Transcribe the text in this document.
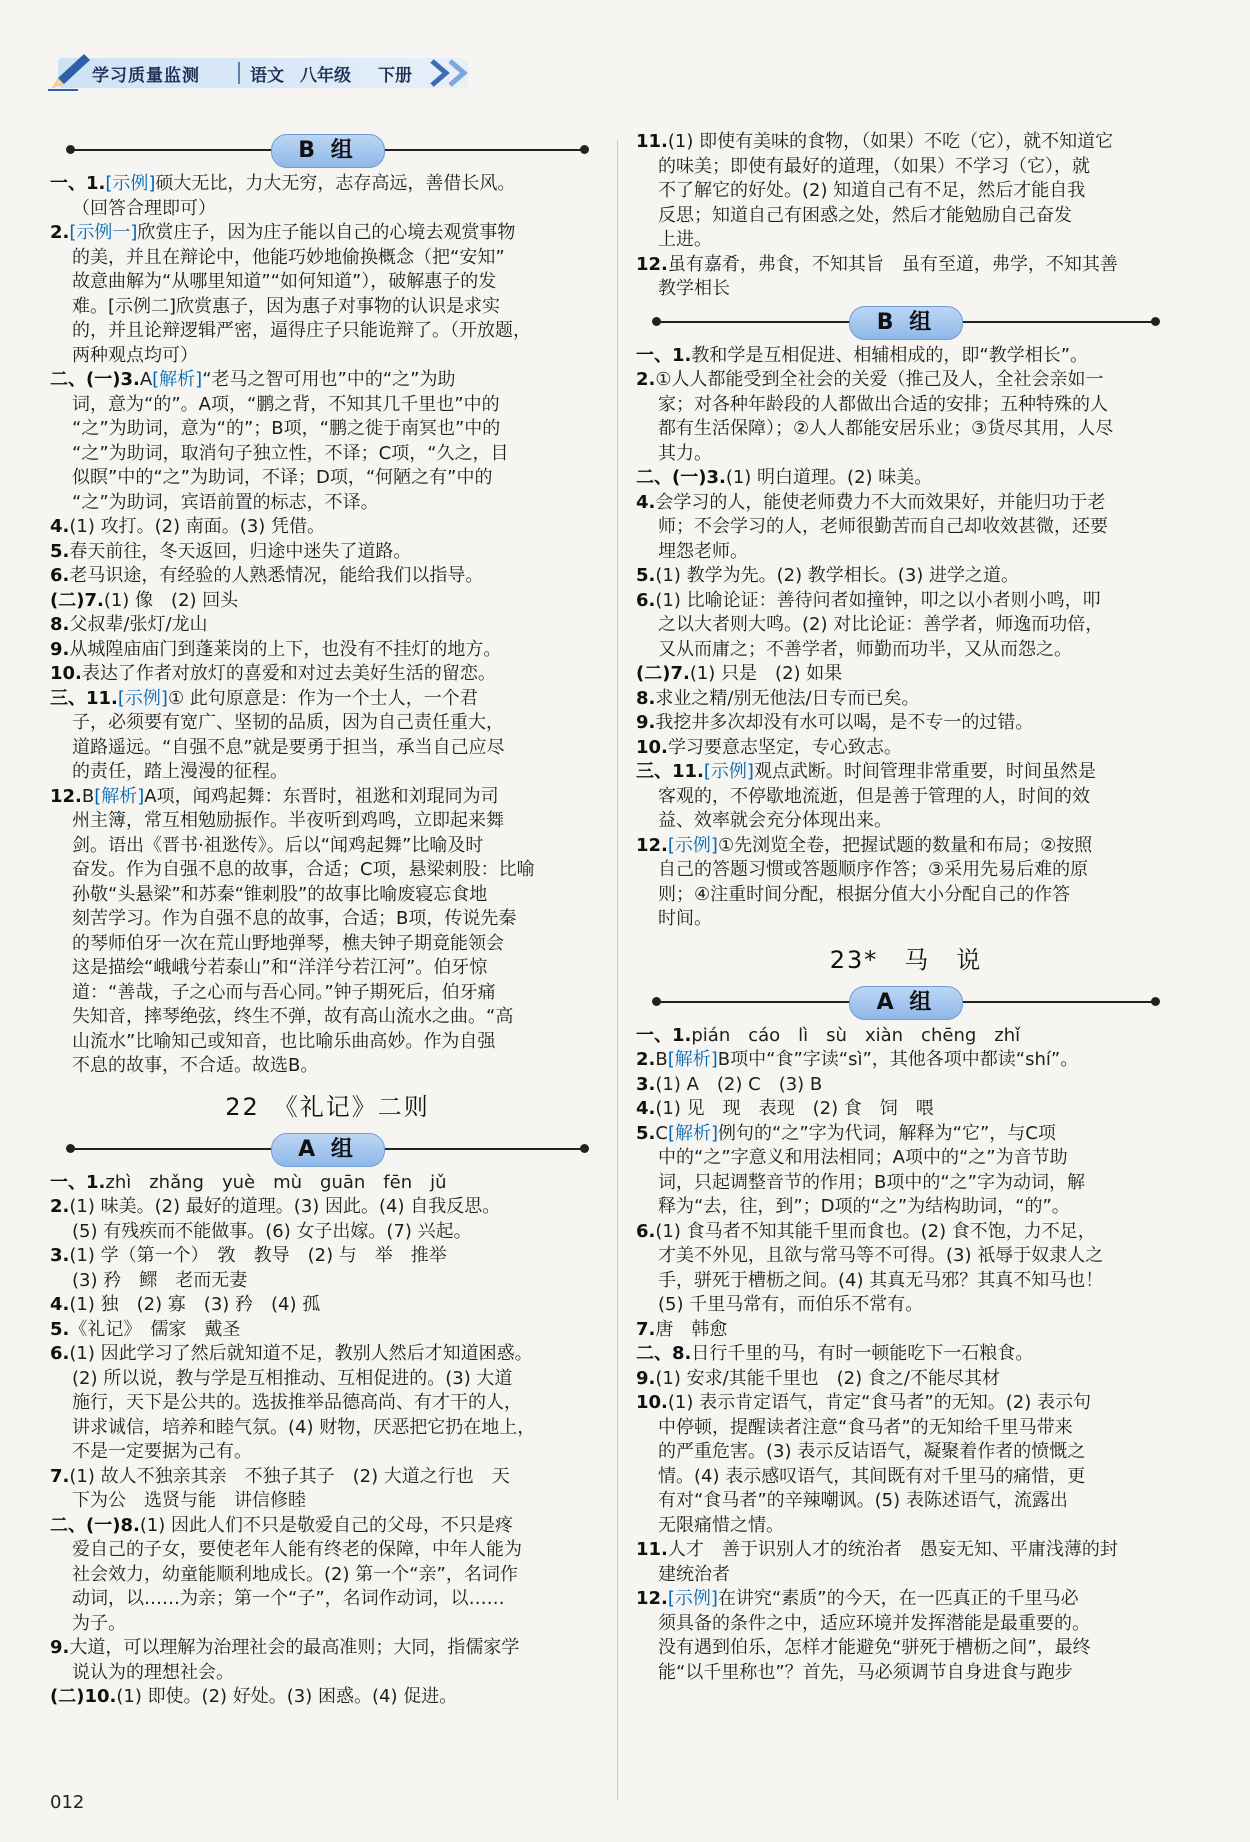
学习质量监测	语文 八年级 下册
B 组
一、1.[示例]硕大无比，力大无穷，志存高远，善借长风。
（回答合理即可）
2.[示例一]欣赏庄子，因为庄子能以自己的心境去观赏事物
的美，并且在辩论中，他能巧妙地偷换概念（把“安知”
故意曲解为“从哪里知道”“如何知道”），破解惠子的发
难。[示例二]欣赏惠子，因为惠子对事物的认识是求实
的，并且论辩逻辑严密，逼得庄子只能诡辩了。（开放题，
两种观点均可）
二、(一)3.A[解析]“老马之智可用也”中的“之”为助
词，意为“的”。A项，“鹏之背，不知其几千里也”中的
“之”为助词，意为“的”；B项，“鹏之徙于南冥也”中的
“之”为助词，取消句子独立性，不译；C项，“久之，目
似瞑”中的“之”为助词，不译；D项，“何陋之有”中的
“之”为助词，宾语前置的标志，不译。
4.(1) 攻打。(2) 南面。(3) 凭借。
5.春天前往，冬天返回，归途中迷失了道路。
6.老马识途，有经验的人熟悉情况，能给我们以指导。
(二)7.(1) 像　(2) 回头
8.父叔辈/张灯/龙山
9.从城隍庙庙门到蓬莱岗的上下，也没有不挂灯的地方。
10.表达了作者对放灯的喜爱和对过去美好生活的留恋。
三、11.[示例]① 此句原意是：作为一个士人，一个君
子，必须要有宽广、坚韧的品质，因为自己责任重大，
道路遥远。“自强不息”就是要勇于担当，承当自己应尽
的责任，踏上漫漫的征程。
12.B[解析]A项，闻鸡起舞：东晋时，祖逖和刘琨同为司
州主簿，常互相勉励振作。半夜听到鸡鸣，立即起来舞
剑。语出《晋书·祖逖传》。后以“闻鸡起舞”比喻及时
奋发。作为自强不息的故事，合适；C项，悬梁刺股：比喻
孙敬“头悬梁”和苏秦“锥刺股”的故事比喻废寝忘食地
刻苦学习。作为自强不息的故事，合适；B项，传说先秦
的琴师伯牙一次在荒山野地弹琴，樵夫钟子期竟能领会
这是描绘“峨峨兮若泰山”和“洋洋兮若江河”。伯牙惊
道：“善哉，子之心而与吾心同。”钟子期死后，伯牙痛
失知音，摔琴绝弦，终生不弹，故有高山流水之曲。“高
山流水”比喻知己或知音，也比喻乐曲高妙。作为自强
不息的故事，不合适。故选B。
22　《礼记》二则
A 组
一、1.zhì　zhǎng　yuè　mù　guān　fēn　jǔ
2.(1) 味美。(2) 最好的道理。(3) 因此。(4) 自我反思。
(5) 有残疾而不能做事。(6) 女子出嫁。(7) 兴起。
3.(1) 学（第一个）　敩　教导　(2) 与　举　推举
(3) 矜　鳏　老而无妻
4.(1) 独　(2) 寡　(3) 矜　(4) 孤
5.《礼记》　儒家　戴圣
6.(1) 因此学习了然后就知道不足，教别人然后才知道困惑。
(2) 所以说，教与学是互相推动、互相促进的。(3) 大道
施行，天下是公共的。选拔推举品德高尚、有才干的人，
讲求诚信，培养和睦气氛。(4) 财物，厌恶把它扔在地上，
不是一定要据为己有。
7.(1) 故人不独亲其亲　不独子其子　(2) 大道之行也　天
下为公　选贤与能　讲信修睦
二、(一)8.(1) 因此人们不只是敬爱自己的父母，不只是疼
爱自己的子女，要使老年人能有终老的保障，中年人能为
社会效力，幼童能顺利地成长。(2) 第一个“亲”，名词作
动词，以……为亲；第一个“子”，名词作动词，以……
为子。
9.大道，可以理解为治理社会的最高准则；大同，指儒家学
说认为的理想社会。
(二)10.(1) 即使。(2) 好处。(3) 困惑。(4) 促进。
11.(1) 即使有美味的食物，（如果）不吃（它），就不知道它
的味美；即使有最好的道理，（如果）不学习（它），就
不了解它的好处。(2) 知道自己有不足，然后才能自我
反思；知道自己有困惑之处，然后才能勉励自己奋发
上进。
12.虽有嘉肴，弗食，不知其旨　虽有至道，弗学，不知其善
教学相长
B 组
一、1.教和学是互相促进、相辅相成的，即“教学相长”。
2.①人人都能受到全社会的关爱（推己及人，全社会亲如一
家；对各种年龄段的人都做出合适的安排；五种特殊的人
都有生活保障）；②人人都能安居乐业；③货尽其用，人尽
其力。
二、(一)3.(1) 明白道理。(2) 味美。
4.会学习的人，能使老师费力不大而效果好，并能归功于老
师；不会学习的人，老师很勤苦而自己却收效甚微，还要
埋怨老师。
5.(1) 教学为先。(2) 教学相长。(3) 进学之道。
6.(1) 比喻论证：善待问者如撞钟，叩之以小者则小鸣，叩
之以大者则大鸣。(2) 对比论证：善学者，师逸而功倍，
又从而庸之；不善学者，师勤而功半，又从而怨之。
(二)7.(1) 只是　(2) 如果
8.求业之精/别无他法/日专而已矣。
9.我挖井多次却没有水可以喝，是不专一的过错。
10.学习要意志坚定，专心致志。
三、11.[示例]观点武断。时间管理非常重要，时间虽然是
客观的，不停歇地流逝，但是善于管理的人，时间的效
益、效率就会充分体现出来。
12.[示例]①先浏览全卷，把握试题的数量和布局；②按照
自己的答题习惯或答题顺序作答；③采用先易后难的原
则；④注重时间分配，根据分值大小分配自己的作答
时间。
23*　马　说
A 组
一、1.pián　cáo　lì　sù　xiàn　chēng　zhǐ
2.B[解析]B项中“食”字读“sì”，其他各项中都读“shí”。
3.(1) A　(2) C　(3) B
4.(1) 见　现　表现　(2) 食　饲　喂
5.C[解析]例句的“之”字为代词，解释为“它”，与C项
中的“之”字意义和用法相同；A项中的“之”为音节助
词，只起调整音节的作用；B项中的“之”字为动词，解
释为“去，往，到”；D项的“之”为结构助词，“的”。
6.(1) 食马者不知其能千里而食也。(2) 食不饱，力不足，
才美不外见，且欲与常马等不可得。(3) 祇辱于奴隶人之
手，骈死于槽枥之间。(4) 其真无马邪？其真不知马也！
(5) 千里马常有，而伯乐不常有。
7.唐　韩愈
二、8.日行千里的马，有时一顿能吃下一石粮食。
9.(1) 安求/其能千里也　(2) 食之/不能尽其材
10.(1) 表示肯定语气，肯定“食马者”的无知。(2) 表示句
中停顿，提醒读者注意“食马者”的无知给千里马带来
的严重危害。(3) 表示反诘语气，凝聚着作者的愤慨之
情。(4) 表示感叹语气，其间既有对千里马的痛惜，更
有对“食马者”的辛辣嘲讽。(5) 表陈述语气，流露出
无限痛惜之情。
11.人才　善于识别人才的统治者　愚妄无知、平庸浅薄的封
建统治者
12.[示例]在讲究“素质”的今天，在一匹真正的千里马必
须具备的条件之中，适应环境并发挥潜能是最重要的。
没有遇到伯乐，怎样才能避免“骈死于槽枥之间”，最终
能“以千里称也”？首先，马必须调节自身进食与跑步
012
